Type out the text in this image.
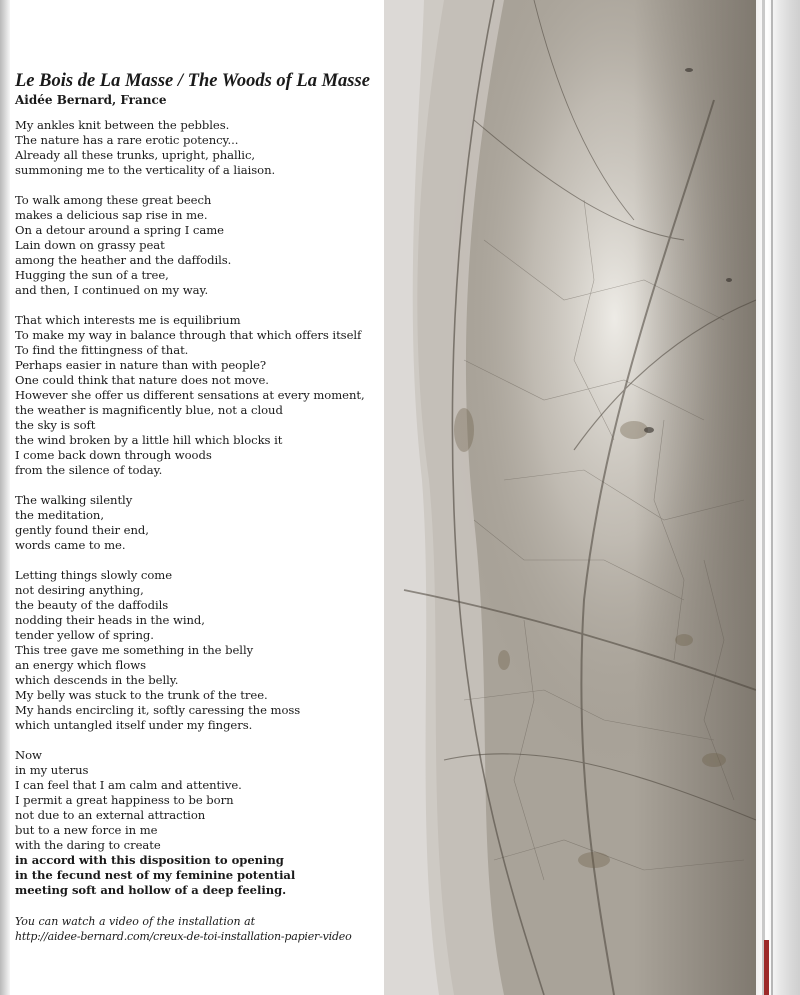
Le Bois de La Masse / The Woods of La Masse
Aidée Bernard, France
My ankles knit between the pebbles.
The nature has a rare erotic potency...
Already all these trunks, upright, phallic,
summoning me to the verticality of a liaison.
To walk among these great beech
makes a delicious sap rise in me.
On a detour around a spring I came
Lain down on grassy peat
among the heather and the daffodils.
Hugging the sun of a tree,
and then, I continued on my way.
That which interests me is equilibrium
To make my way in balance through that which offers itself
To find the fittingness of that.
Perhaps easier in nature than with people?
One could think that nature does not move.
However she offer us different sensations at every moment,
the weather is magnificently blue, not a cloud
the sky is soft
the wind broken by a little hill which blocks it
I come back down through woods
from the silence of today.
The walking silently
the meditation,
gently found their end,
words came to me.
Letting things slowly come
not desiring anything,
the beauty of the daffodils
nodding their heads in the wind,
tender yellow of spring.
This tree gave me something in the belly
an energy which flows
which descends in the belly.
My belly was stuck to the trunk of the tree.
My hands encircling it, softly caressing the moss
which untangled itself under my fingers.
Now
in my uterus
I can feel that I am calm and attentive.
I permit a great happiness to be born
not due to an external attraction
but to a new force in me
with the daring to create
in accord with this disposition to opening
in the fecund nest of my feminine potential
meeting soft and hollow of a deep feeling.
You can watch a video of the installation at
http://aidee-bernard.com/creux-de-toi-installation-papier-video
